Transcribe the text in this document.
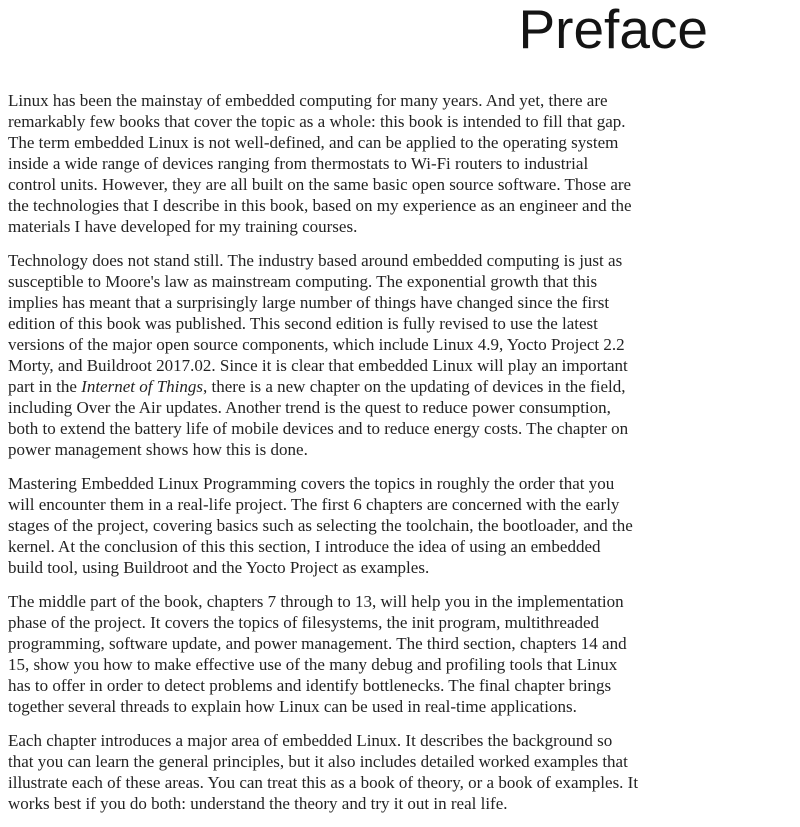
Preface
Linux has been the mainstay of embedded computing for many years. And yet, there are
remarkably few books that cover the topic as a whole: this book is intended to fill that gap.
The term embedded Linux is not well-defined, and can be applied to the operating system
inside a wide range of devices ranging from thermostats to Wi-Fi routers to industrial
control units. However, they are all built on the same basic open source software. Those are
the technologies that I describe in this book, based on my experience as an engineer and the
materials I have developed for my training courses.
Technology does not stand still. The industry based around embedded computing is just as
susceptible to Moore's law as mainstream computing. The exponential growth that this
implies has meant that a surprisingly large number of things have changed since the first
edition of this book was published. This second edition is fully revised to use the latest
versions of the major open source components, which include Linux 4.9, Yocto Project 2.2
Morty, and Buildroot 2017.02. Since it is clear that embedded Linux will play an important
part in the Internet of Things, there is a new chapter on the updating of devices in the field,
including Over the Air updates. Another trend is the quest to reduce power consumption,
both to extend the battery life of mobile devices and to reduce energy costs. The chapter on
power management shows how this is done.
Mastering Embedded Linux Programming covers the topics in roughly the order that you
will encounter them in a real-life project. The first 6 chapters are concerned with the early
stages of the project, covering basics such as selecting the toolchain, the bootloader, and the
kernel. At the conclusion of this this section, I introduce the idea of using an embedded
build tool, using Buildroot and the Yocto Project as examples.
The middle part of the book, chapters 7 through to 13, will help you in the implementation
phase of the project. It covers the topics of filesystems, the init program, multithreaded
programming, software update, and power management. The third section, chapters 14 and
15, show you how to make effective use of the many debug and profiling tools that Linux
has to offer in order to detect problems and identify bottlenecks. The final chapter brings
together several threads to explain how Linux can be used in real-time applications.
Each chapter introduces a major area of embedded Linux. It describes the background so
that you can learn the general principles, but it also includes detailed worked examples that
illustrate each of these areas. You can treat this as a book of theory, or a book of examples. It
works best if you do both: understand the theory and try it out in real life.
